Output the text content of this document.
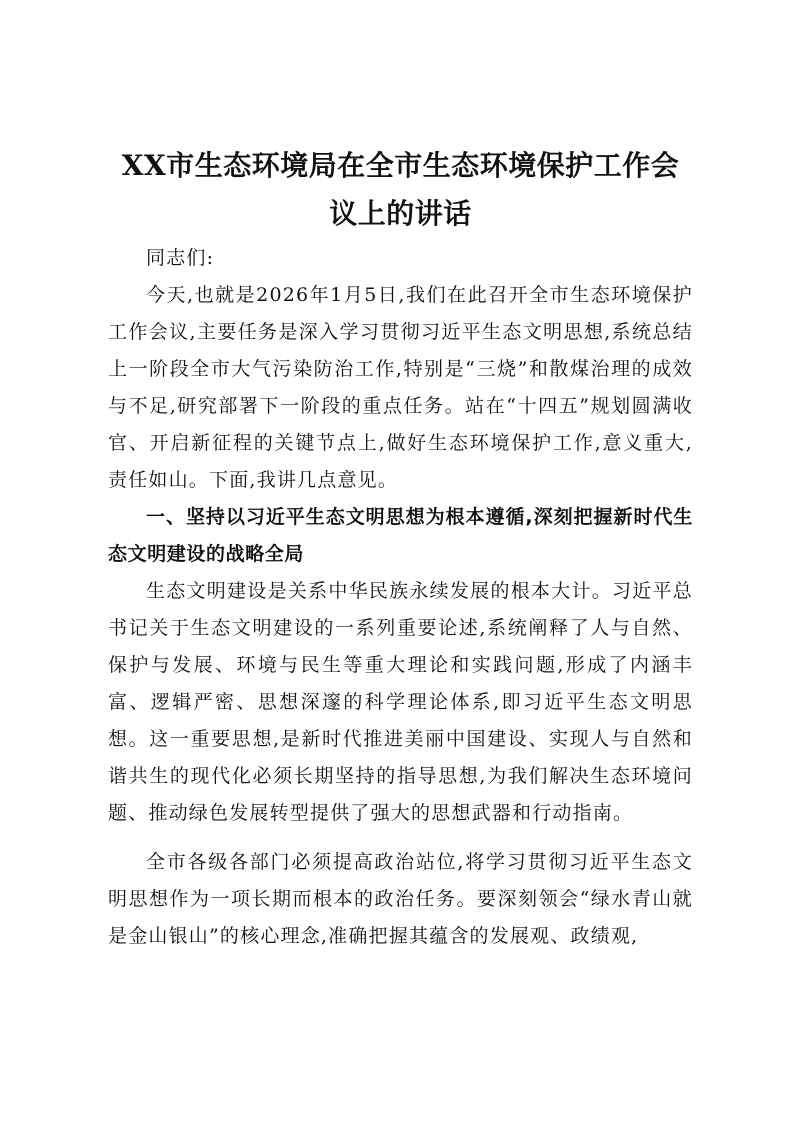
XX市生态环境局在全市生态环境保护工作会议上的讲话

同志们:

今天,也就是2026年1月5日,我们在此召开全市生态环境保护工作会议,主要任务是深入学习贯彻习近平生态文明思想,系统总结上一阶段全市大气污染防治工作,特别是“三烧”和散煤治理的成效与不足,研究部署下一阶段的重点任务。站在“十四五”规划圆满收官、开启新征程的关键节点上,做好生态环境保护工作,意义重大,责任如山。下面,我讲几点意见。

一、坚持以习近平生态文明思想为根本遵循,深刻把握新时代生态文明建设的战略全局

生态文明建设是关系中华民族永续发展的根本大计。习近平总书记关于生态文明建设的一系列重要论述,系统阐释了人与自然、保护与发展、环境与民生等重大理论和实践问题,形成了内涵丰富、逻辑严密、思想深邃的科学理论体系,即习近平生态文明思想。这一重要思想,是新时代推进美丽中国建设、实现人与自然和谐共生的现代化必须长期坚持的指导思想,为我们解决生态环境问题、推动绿色发展转型提供了强大的思想武器和行动指南。

全市各级各部门必须提高政治站位,将学习贯彻习近平生态文明思想作为一项长期而根本的政治任务。要深刻领会“绿水青山就是金山银山”的核心理念,准确把握其蕴含的发展观、政绩观,
